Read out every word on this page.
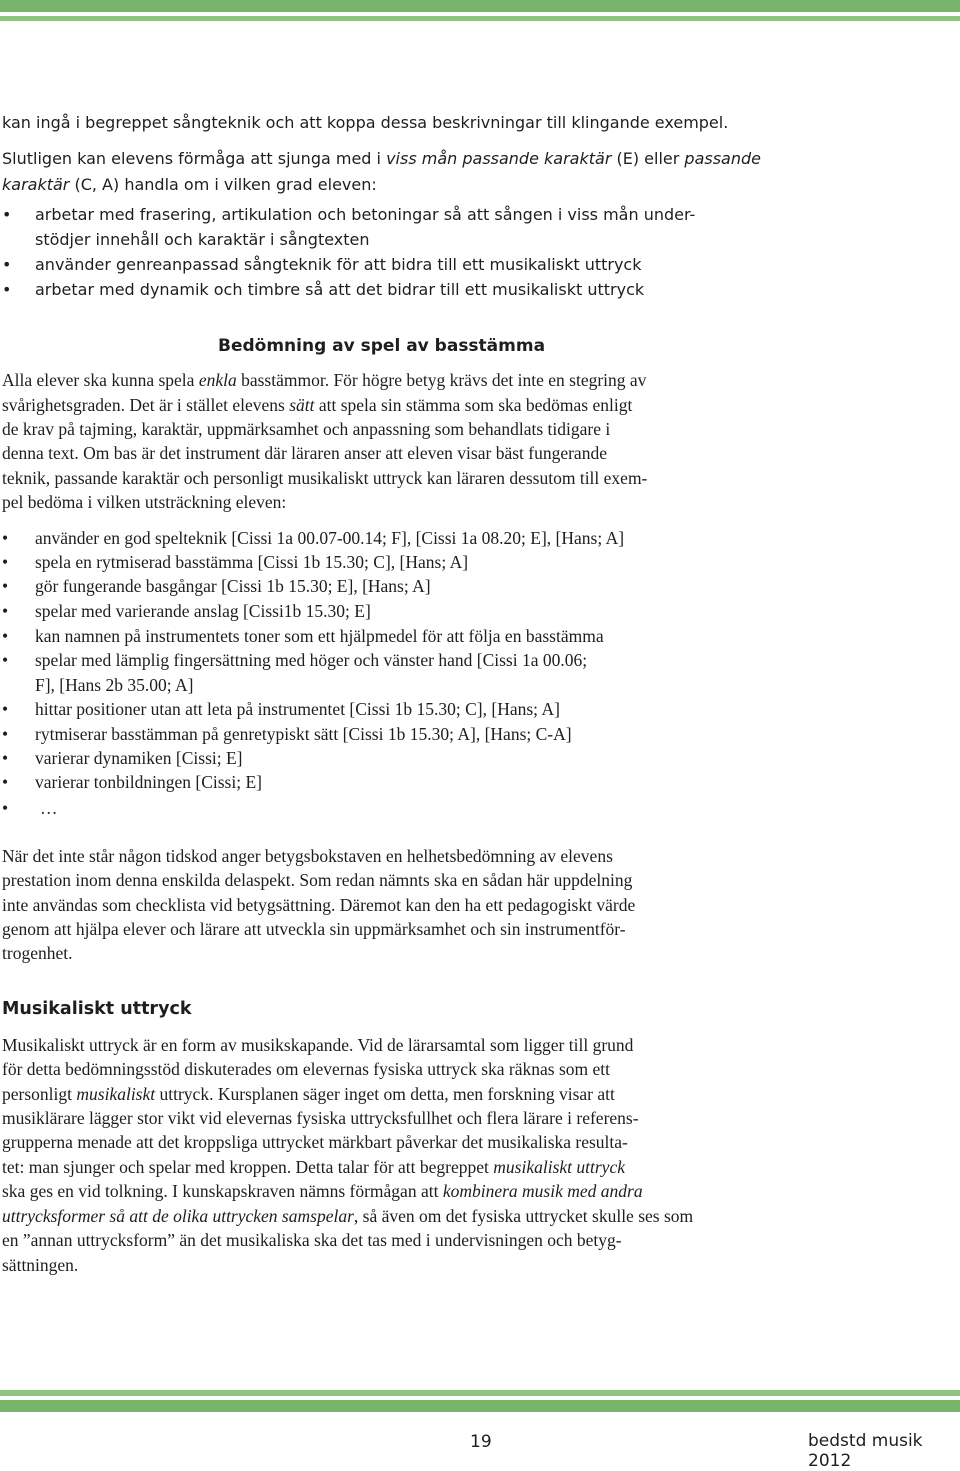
kan ingå i begreppet sångteknik och att koppa dessa beskrivningar till klingande exempel.
Slutligen kan elevens förmåga att sjunga med i viss mån passande karaktär (E) eller passande
karaktär (C, A) handla om i vilken grad eleven:
• arbetar med frasering, artikulation och betoningar så att sången i viss mån under-
stödjer innehåll och karaktär i sångtexten
• använder genreanpassad sångteknik för att bidra till ett musikaliskt uttryck
• arbetar med dynamik och timbre så att det bidrar till ett musikaliskt uttryck
Bedömning av spel av basstämma
Alla elever ska kunna spela enkla basstämmor. För högre betyg krävs det inte en stegring av
svårighetsgraden. Det är i stället elevens sätt att spela sin stämma som ska bedömas enligt
de krav på tajming, karaktär, uppmärksamhet och anpassning som behandlats tidigare i
denna text. Om bas är det instrument där läraren anser att eleven visar bäst fungerande
teknik, passande karaktär och personligt musikaliskt uttryck kan läraren dessutom till exem-
pel bedöma i vilken utsträckning eleven:
• använder en god spelteknik [Cissi 1a 00.07-00.14; F], [Cissi 1a 08.20; E], [Hans; A]
• spela en rytmiserad basstämma [Cissi 1b 15.30; C], [Hans; A]
• gör fungerande basgångar [Cissi 1b 15.30; E], [Hans; A]
• spelar med varierande anslag [Cissi1b 15.30; E]
• kan namnen på instrumentets toner som ett hjälpmedel för att följa en basstämma
• spelar med lämplig fingersättning med höger och vänster hand [Cissi 1a 00.06;
F], [Hans 2b 35.00; A]
• hittar positioner utan att leta på instrumentet [Cissi 1b 15.30; C], [Hans; A]
• rytmiserar basstämman på genretypiskt sätt [Cissi 1b 15.30; A], [Hans; C-A]
• varierar dynamiken [Cissi; E]
• varierar tonbildningen [Cissi; E]
• …
När det inte står någon tidskod anger betygsbokstaven en helhetsbedömning av elevens
prestation inom denna enskilda delaspekt. Som redan nämnts ska en sådan här uppdelning
inte användas som checklista vid betygsättning. Däremot kan den ha ett pedagogiskt värde
genom att hjälpa elever och lärare att utveckla sin uppmärksamhet och sin instrumentför-
trogenhet.
Musikaliskt uttryck
Musikaliskt uttryck är en form av musikskapande. Vid de lärarsamtal som ligger till grund
för detta bedömningsstöd diskuterades om elevernas fysiska uttryck ska räknas som ett
personligt musikaliskt uttryck. Kursplanen säger inget om detta, men forskning visar att
musiklärare lägger stor vikt vid elevernas fysiska uttrycksfullhet och flera lärare i referens-
grupperna menade att det kroppsliga uttrycket märkbart påverkar det musikaliska resulta-
tet: man sjunger och spelar med kroppen. Detta talar för att begreppet musikaliskt uttryck
ska ges en vid tolkning. I kunskapskraven nämns förmågan att kombinera musik med andra
uttrycksformer så att de olika uttrycken samspelar, så även om det fysiska uttrycket skulle ses som
en ”annan uttrycksform” än det musikaliska ska det tas med i undervisningen och betyg-
sättningen.
19	bedstd musik 2012
